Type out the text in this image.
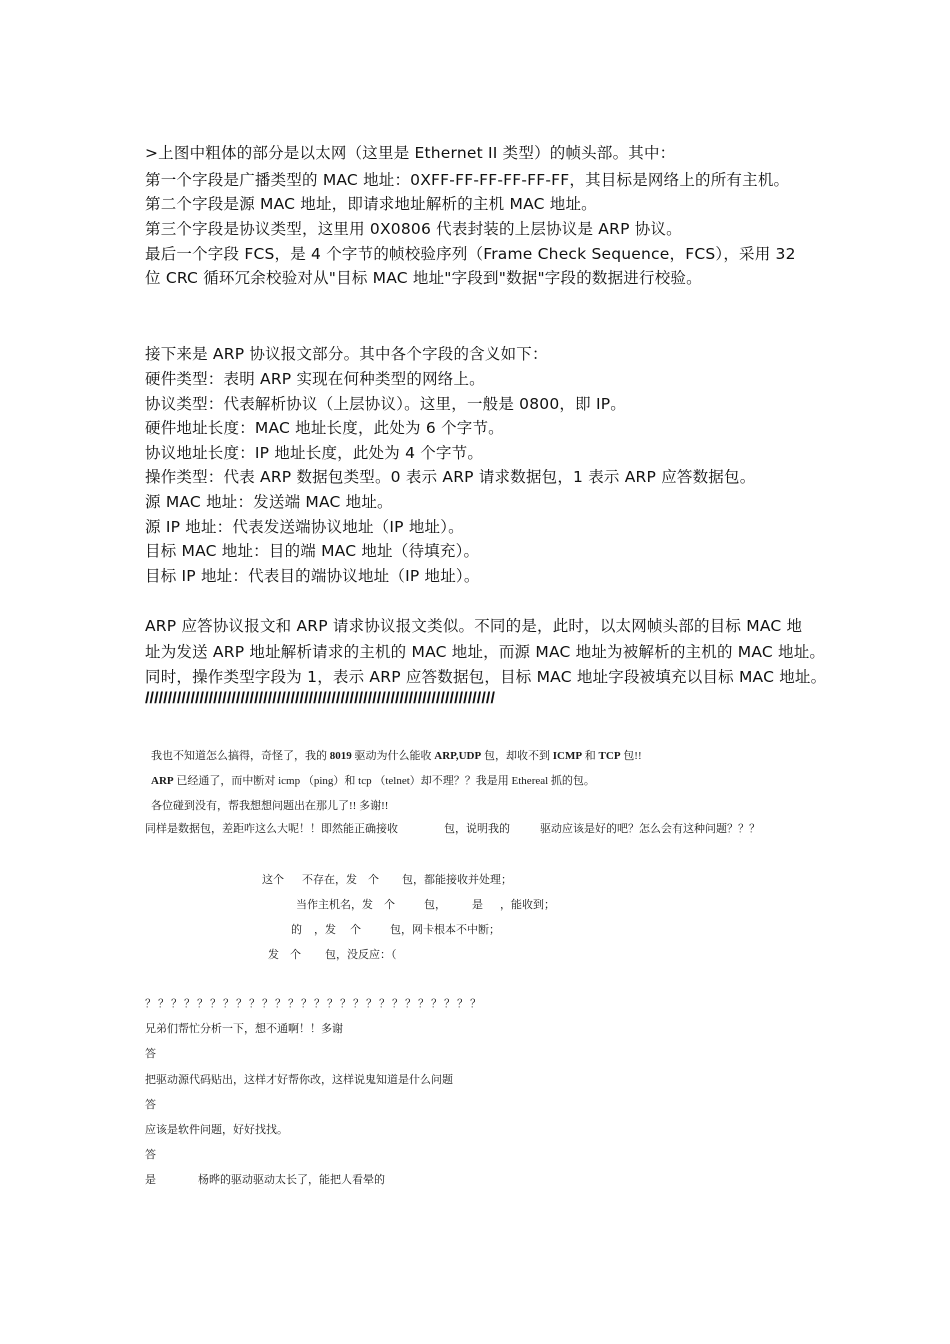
>上图中粗体的部分是以太网（这里是 Ethernet II 类型）的帧头部。其中：

第一个字段是广播类型的 MAC 地址：0XFF-FF-FF-FF-FF-FF，其目标是网络上的所有主机。

第二个字段是源 MAC 地址，即请求地址解析的主机 MAC 地址。

第三个字段是协议类型，这里用 0X0806 代表封装的上层协议是 ARP 协议。

最后一个字段 FCS，是 4 个字节的帧校验序列（Frame Check Sequence，FCS），采用 32

位 CRC 循环冗余校验对从"目标 MAC 地址"字段到"数据"字段的数据进行校验。

接下来是 ARP 协议报文部分。其中各个字段的含义如下：

硬件类型：表明 ARP 实现在何种类型的网络上。

协议类型：代表解析协议（上层协议）。这里，一般是 0800，即 IP。

硬件地址长度：MAC 地址长度，此处为 6 个字节。

协议地址长度：IP 地址长度，此处为 4 个字节。

操作类型：代表 ARP 数据包类型。0 表示 ARP 请求数据包，1 表示 ARP 应答数据包。

源 MAC 地址：发送端 MAC 地址。

源 IP 地址：代表发送端协议地址（IP 地址）。

目标 MAC 地址：目的端 MAC 地址（待填充）。

目标 IP 地址：代表目的端协议地址（IP 地址）。

ARP 应答协议报文和 ARP 请求协议报文类似。不同的是，此时，以太网帧头部的目标 MAC 地

址为发送 ARP 地址解析请求的主机的 MAC 地址，而源 MAC 地址为被解析的主机的 MAC 地址。

同时，操作类型字段为 1，表示 ARP 应答数据包，目标 MAC 地址字段被填充以目标 MAC 地址。

/////////////////////////////////////////////////////////////////////////////

我也不知道怎么搞得，奇怪了，我的 8019 驱动为什么能收 ARP,UDP 包，却收不到 ICMP 和 TCP 包!!

ARP 已经通了，而中断对 icmp （ping）和 tcp （telnet）却不理？？我是用 Ethereal 抓的包。

各位碰到没有，帮我想想问题出在那儿了!! 多谢!!

同样是数据包，差距咋这么大呢！！即然能正确接收	包，说明我的	驱动应该是好的吧？怎么会有这种问题？？？

这个 不存在，发 个 包，都能接收并处理；
当作主机名，发 个	包， 是 ，能收到；
的 ，发 个	包，网卡根本不中断；
发 个 包，没反应：（

？？？？？？？？？？？？？？？？？？？？？？？？？？

兄弟们帮忙分析一下，想不通啊！！多谢

答

把驱动源代码贴出，这样才好帮你改，这样说鬼知道是什么问题

答

应该是软件问题，好好找找。

答

是	杨晔的驱动驱动太长了，能把人看晕的
